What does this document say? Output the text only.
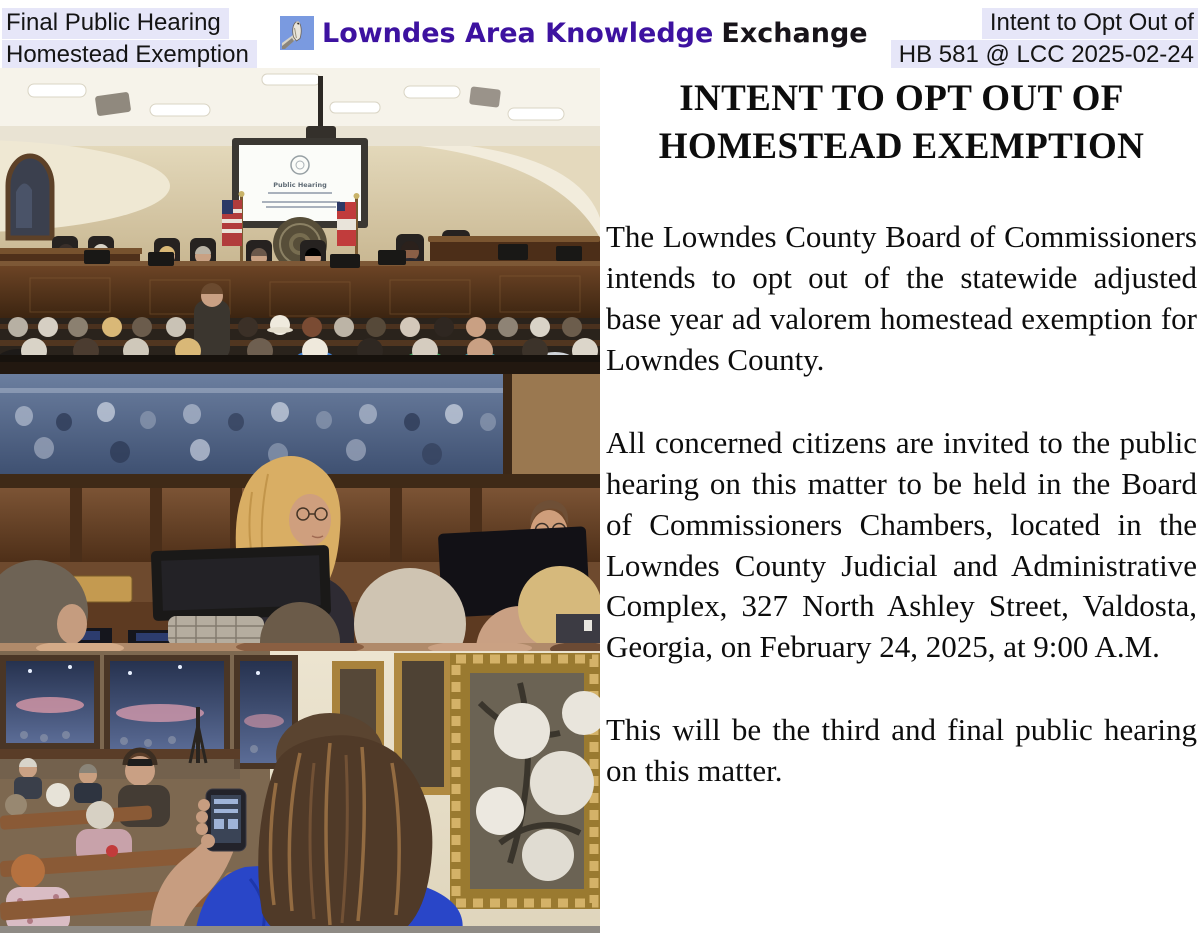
Final Public Hearing
Homestead Exemption
Lowndes Area Knowledge Exchange	Intent to Opt Out of
HB 581 @ LCC 2025-02-24
Public Hearing
INTENT TO OPT OUT OF HOMESTEAD EXEMPTION

The Lowndes County Board of Commissioners intends to opt out of the statewide adjusted base year ad valorem homestead exemption for Lowndes County.

All concerned citizens are invited to the public hearing on this matter to be held in the Board of Commissioners Chambers, located in the Lowndes County Judicial and Administrative Complex, 327 North Ashley Street, Valdosta, Georgia, on February 24, 2025, at 9:00 A.M.

This will be the third and final public hearing on this matter.
